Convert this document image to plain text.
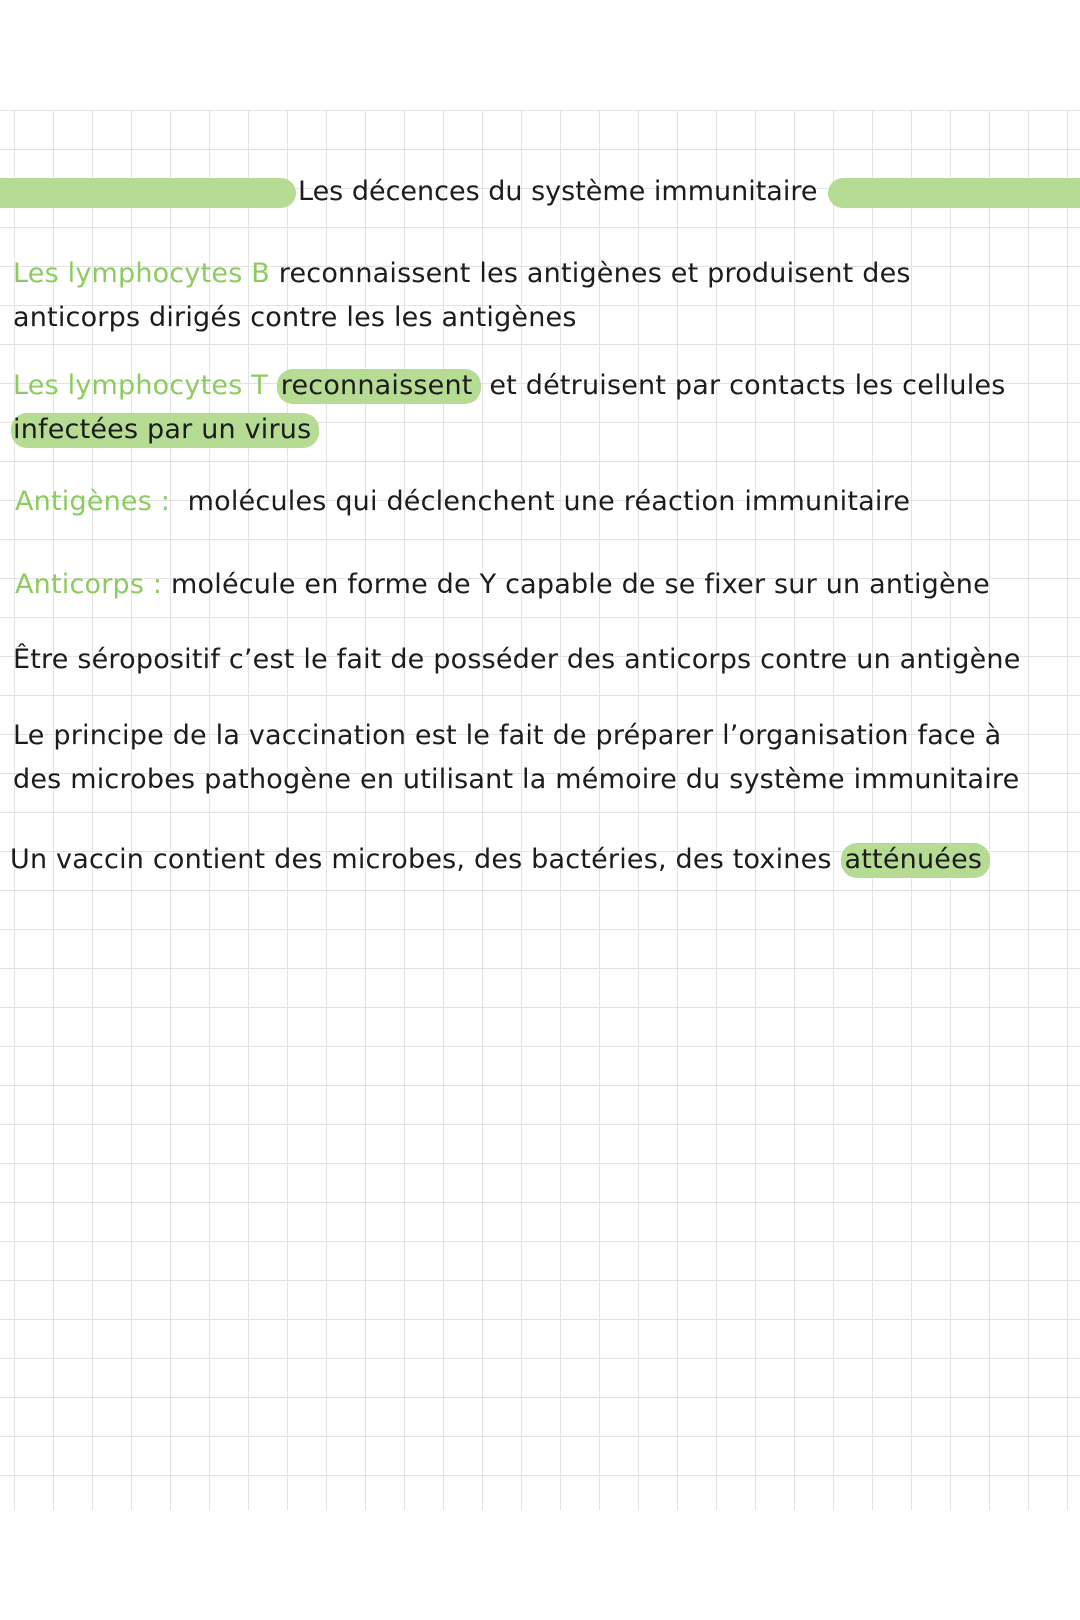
Les décences du système immunitaire
Les lymphocytes B reconnaissent les antigènes et produisent des
anticorps dirigés contre les les antigènes
Les lymphocytes T reconnaissent et détruisent par contacts les cellules
infectées par un virus
Antigènes : molécules qui déclenchent une réaction immunitaire
Anticorps : molécule en forme de Y capable de se fixer sur un antigène
Être séropositif c’est le fait de posséder des anticorps contre un antigène
Le principe de la vaccination est le fait de préparer l’organisation face à
des microbes pathogène en utilisant la mémoire du système immunitaire
Un vaccin contient des microbes, des bactéries, des toxines atténuées
